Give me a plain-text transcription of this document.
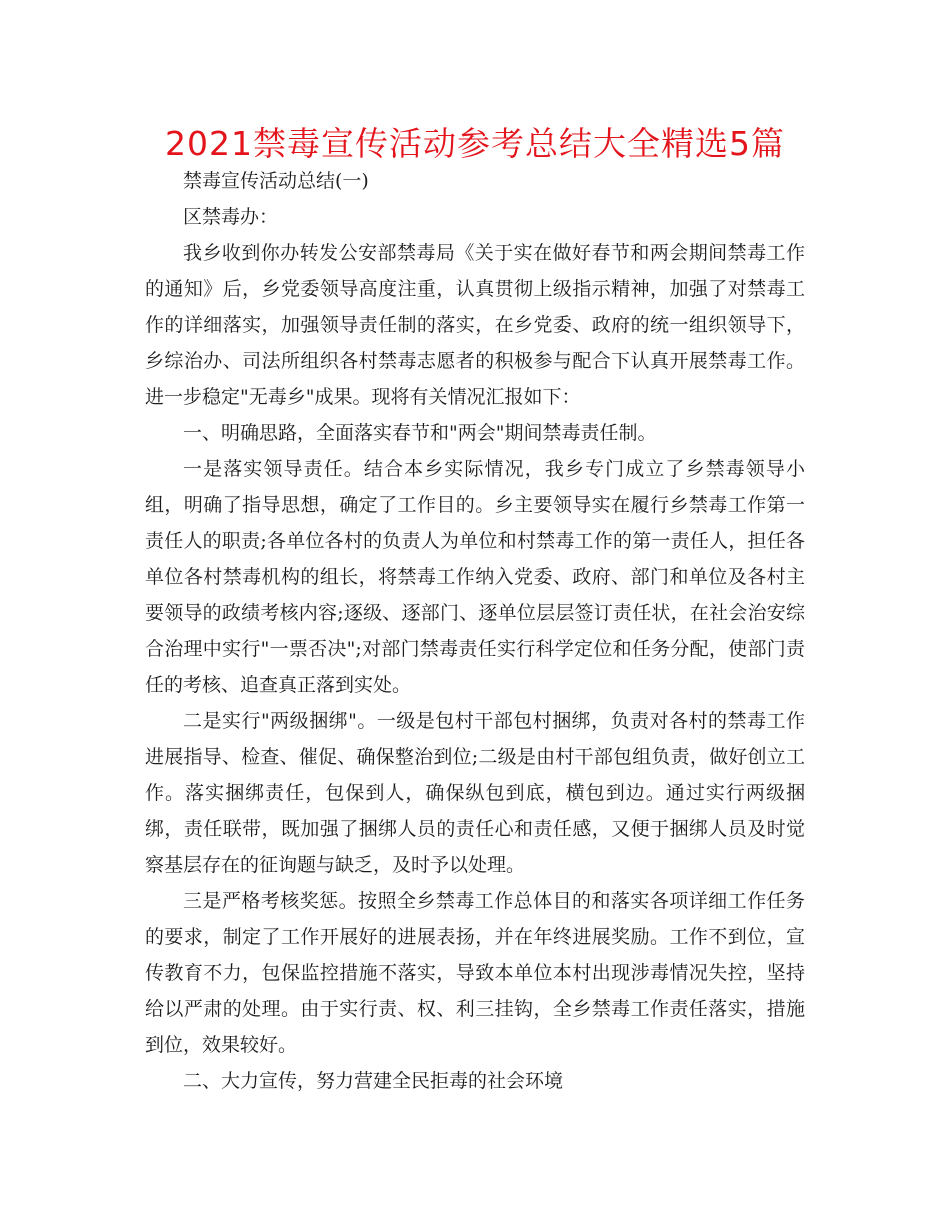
2021禁毒宣传活动参考总结大全精选5篇

禁毒宣传活动总结(一)

区禁毒办：

我乡收到你办转发公安部禁毒局《关于实在做好春节和两会期间禁毒工作的通知》后，乡党委领导高度注重，认真贯彻上级指示精神，加强了对禁毒工作的详细落实，加强领导责任制的落实，在乡党委、政府的统一组织领导下，乡综治办、司法所组织各村禁毒志愿者的积极参与配合下认真开展禁毒工作。进一步稳定"无毒乡"成果。现将有关情况汇报如下：

一、明确思路，全面落实春节和"两会"期间禁毒责任制。

一是落实领导责任。结合本乡实际情况，我乡专门成立了乡禁毒领导小组，明确了指导思想，确定了工作目的。乡主要领导实在履行乡禁毒工作第一责任人的职责;各单位各村的负责人为单位和村禁毒工作的第一责任人，担任各单位各村禁毒机构的组长，将禁毒工作纳入党委、政府、部门和单位及各村主要领导的政绩考核内容;逐级、逐部门、逐单位层层签订责任状，在社会治安综合治理中实行"一票否决";对部门禁毒责任实行科学定位和任务分配，使部门责任的考核、追查真正落到实处。

二是实行"两级捆绑"。一级是包村干部包村捆绑，负责对各村的禁毒工作进展指导、检查、催促、确保整治到位;二级是由村干部包组负责，做好创立工作。落实捆绑责任，包保到人，确保纵包到底，横包到边。通过实行两级捆绑，责任联带，既加强了捆绑人员的责任心和责任感，又便于捆绑人员及时觉察基层存在的征询题与缺乏，及时予以处理。

三是严格考核奖惩。按照全乡禁毒工作总体目的和落实各项详细工作任务的要求，制定了工作开展好的进展表扬，并在年终进展奖励。工作不到位，宣传教育不力，包保监控措施不落实，导致本单位本村出现涉毒情况失控，坚持给以严肃的处理。由于实行责、权、利三挂钩，全乡禁毒工作责任落实，措施到位，效果较好。

二、大力宣传，努力营建全民拒毒的社会环境
